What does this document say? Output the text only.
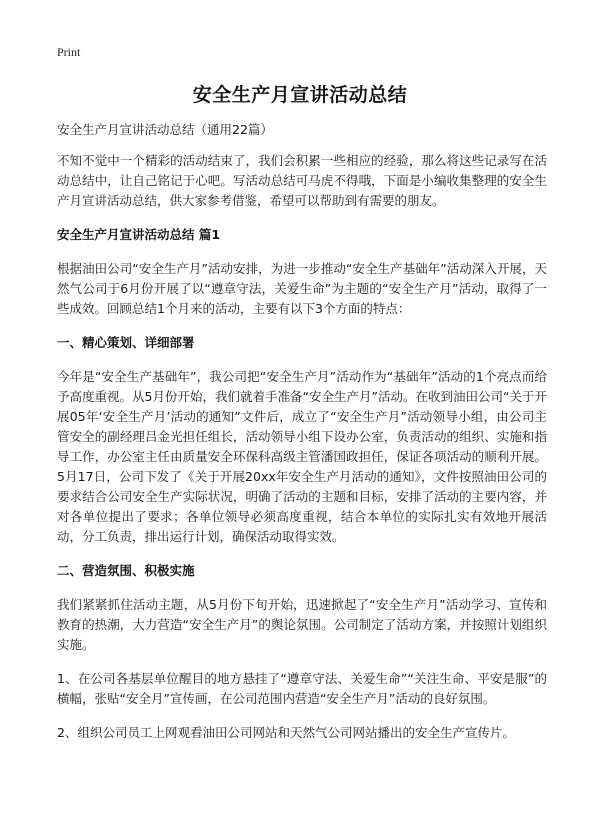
Print
安全生产月宣讲活动总结
安全生产月宣讲活动总结（通用22篇）

不知不觉中一个精彩的活动结束了，我们会积累一些相应的经验，那么将这些记录写在活动总结中，让自己铭记于心吧。写活动总结可马虎不得哦，下面是小编收集整理的安全生产月宣讲活动总结，供大家参考借鉴，希望可以帮助到有需要的朋友。

安全生产月宣讲活动总结 篇1

根据油田公司“安全生产月”活动安排，为进一步推动“安全生产基础年”活动深入开展，天然气公司于6月份开展了以“遵章守法，关爱生命”为主题的“安全生产月”活动，取得了一些成效。回顾总结1个月来的活动，主要有以下3个方面的特点：

一、精心策划、详细部署

今年是“安全生产基础年”，我公司把“安全生产月”活动作为“基础年”活动的1个亮点而给予高度重视。从5月份开始，我们就着手准备“安全生产月”活动。在收到油田公司“关于开展05年‘安全生产月’活动的通知”文件后，成立了“安全生产月”活动领导小组，由公司主管安全的副经理吕金光担任组长，活动领导小组下设办公室，负责活动的组织、实施和指导工作，办公室主任由质量安全环保科高级主管潘国政担任，保证各项活动的顺利开展。5月17日，公司下发了《关于开展20xx年安全生产月活动的通知》，文件按照油田公司的要求结合公司安全生产实际状况，明确了活动的主题和目标，安排了活动的主要内容，并对各单位提出了要求；各单位领导必须高度重视，结合本单位的实际扎实有效地开展活动，分工负责，排出运行计划，确保活动取得实效。

二、营造氛围、积极实施

我们紧紧抓住活动主题，从5月份下旬开始，迅速掀起了“安全生产月”活动学习、宣传和教育的热潮，大力营造“安全生产月”的舆论氛围。公司制定了活动方案，并按照计划组织实施。

1、在公司各基层单位醒目的地方悬挂了“遵章守法、关爱生命”“关注生命、平安是服”的横幅，张贴“安全月”宣传画，在公司范围内营造“安全生产月”活动的良好氛围。

2、组织公司员工上网观看油田公司网站和天然气公司网站播出的安全生产宣传片。
